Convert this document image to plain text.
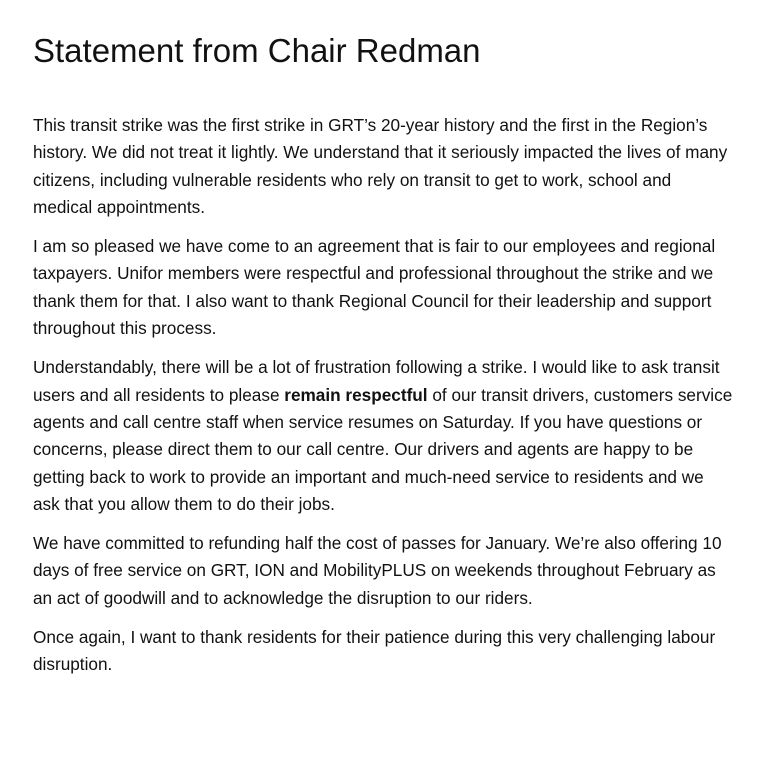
Statement from Chair Redman

This transit strike was the first strike in GRT’s 20-year history and the first in the Region’s history. We did not treat it lightly. We understand that it seriously impacted the lives of many citizens, including vulnerable residents who rely on transit to get to work, school and medical appointments.

I am so pleased we have come to an agreement that is fair to our employees and regional taxpayers. Unifor members were respectful and professional throughout the strike and we thank them for that. I also want to thank Regional Council for their leadership and support throughout this process.

Understandably, there will be a lot of frustration following a strike. I would like to ask transit users and all residents to please remain respectful of our transit drivers, customers service agents and call centre staff when service resumes on Saturday. If you have questions or concerns, please direct them to our call centre. Our drivers and agents are happy to be getting back to work to provide an important and much-need service to residents and we ask that you allow them to do their jobs.

We have committed to refunding half the cost of passes for January. We’re also offering 10 days of free service on GRT, ION and MobilityPLUS on weekends throughout February as an act of goodwill and to acknowledge the disruption to our riders.

Once again, I want to thank residents for their patience during this very challenging labour disruption.
